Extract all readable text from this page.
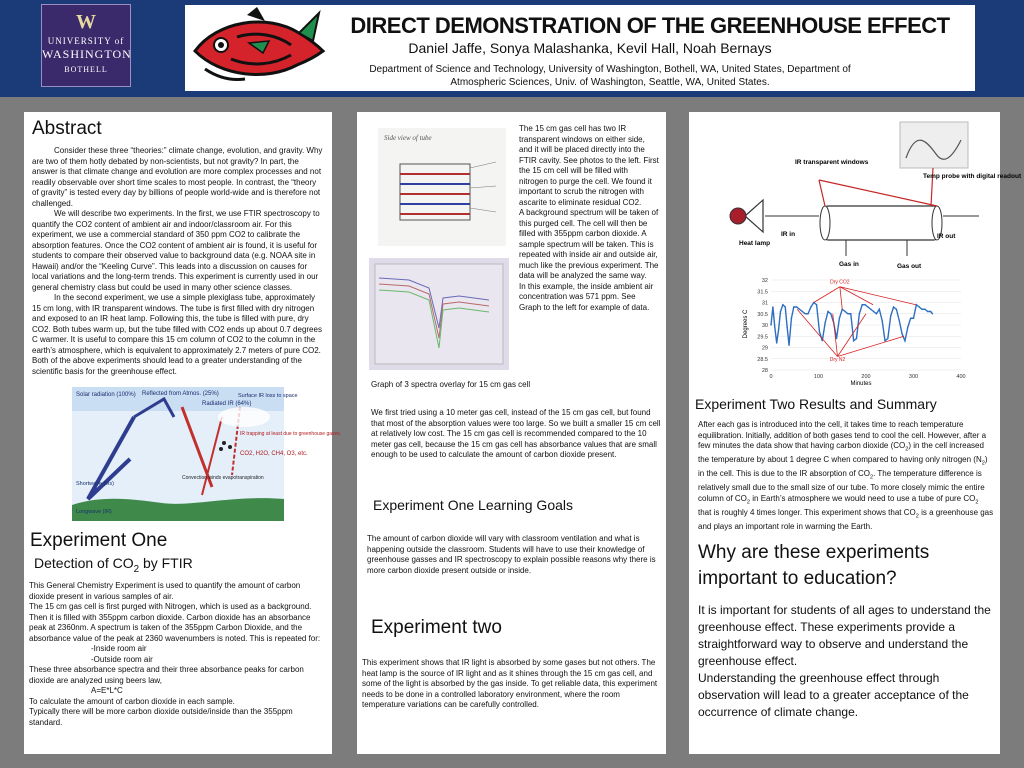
W
UNIVERSITY of
WASHINGTON
BOTHELL
DIRECT DEMONSTRATION OF THE GREENHOUSE EFFECT
Daniel Jaffe, Sonya Malashanka, Kevil Hall, Noah Bernays
Department of Science and Technology, University of Washington, Bothell, WA, United States, Department of Atmospheric Sciences, Univ. of Washington, Seattle, WA, United States.
Abstract

Consider these three “theories:” climate change, evolution, and gravity. Why are two of them hotly debated by non-scientists, but not gravity? In part, the answer is that climate change and evolution are more complex processes and not readily observable over short time scales to most people. In contrast, the “theory of gravity” is tested every day by billions of people world-wide and is therefore not challenged.

We will describe two experiments. In the first, we use FTIR spectroscopy to quantify the CO2 content of ambient air and indoor/classroom air. For this experiment, we use a commercial standard of 350 ppm CO2 to calibrate the absorption features. Once the CO2 content of ambient air is found, it is useful for students to compare their observed value to background data (e.g. NOAA site in Hawaii) and/or the “Keeling Curve”. This leads into a discussion on causes for local variations and the long-term trends. This experiment is currently used in our general chemistry class but could be used in many other science classes.

In the second experiment, we use a simple plexiglass tube, approximately 15 cm long, with IR transparent windows. The tube is first filled with dry nitrogen and exposed to an IR heat lamp. Following this, the tube is filled with pure, dry CO2. Both tubes warm up, but the tube filled with CO2 ends up about 0.7 degrees C warmer. It is useful to compare this 15 cm column of CO2 to the column in the earth’s atmosphere, which is equivalent to approximately 2.7 meters of pure CO2. Both of the above experiments should lead to a greater understanding of the scientific basis for the greenhouse effect.

Solar radiation (100%) Reflected from Atmos. (25%)
Radiated IR (64%)
Surface IR loss to space
IR trapping at least due to greenhouse gases.
CO2, H2O, CH4, O3, etc.
Convection winds evapotranspiration
Shortwave (vis)
Longwave (IR)
Experiment One
Detection of $CO_2$ by FTIR

This General Chemistry Experiment is used to quantify the amount of carbon dioxide present in various samples of air.

The 15 cm gas cell is first purged with Nitrogen, which is used as a background. Then it is filled with 355ppm carbon dioxide. Carbon dioxide has an absorbance peak at 2360nm. A spectrum is taken of the 355ppm Carbon Dioxide, and the absorbance value of the peak at 2360 wavenumbers is noted. This is repeated for:

-Inside room air

-Outside room air

These three absorbance spectra and their three absorbance peaks for carbon dioxide are analyzed using beers law,

A=E*L*C

To calculate the amount of carbon dioxide in each sample.

Typically there will be more carbon dioxide outside/inside than the 355ppm standard.

Side view of tube

The 15 cm gas cell has two IR transparent windows on either side, and it will be placed directly into the FTIR cavity. See photos to the left. First the 15 cm cell will be filled with nitrogen to purge the cell. We found it important to scrub the nitrogen with ascarite to eliminate residual CO2.
A background spectrum will be taken of this purged cell. The cell will then be filled with 355ppm carbon dioxide. A sample spectrum will be taken. This is repeated with inside air and outside air, much like the previous experiment. The data will be analyzed the same way.
In this example, the inside ambient air concentration was 571 ppm. See Graph to the left for example of data.

Graph of 3 spectra overlay for 15 cm gas cell
We first tried using a 10 meter gas cell, instead of the 15 cm gas cell, but found that most of the absorption values were too large. So we built a smaller 15 cm cell at relatively low cost. The 15 cm gas cell is recommended compared to the 10 meter gas cell, because the 15 cm gas cell has absorbance values that are small enough to be used to calculate the amount of carbon dioxide present.
Experiment One Learning Goals
The amount of carbon dioxide will vary with classroom ventilation and what is happening outside the classroom. Students will have to use their knowledge of greenhouse gasses and IR spectroscopy to explain possible reasons why there is more carbon dioxide present outside or inside.
Experiment two
This experiment shows that IR light is absorbed by some gases but not others. The heat lamp is the source of IR light and as it shines through the 15 cm gas cell, and some of the light is absorbed by the gas inside. To get reliable data, this experiment needs to be done in a controlled laboratory environment, where the room temperature variations can be carefully controlled.
IR transparent windows
Temp probe with digital readout
Heat lamp
IR in	IR out
Gas in	Gas out
28
28.5
29
29.5
30
30.5
31
31.5
32
0	100	200	300	400
Dry CO2
Dry N2
Minutes
Degrees C
Experiment Two Results and Summary
After each gas is introduced into the cell, it takes time to reach temperature equilibration. Initially, addition of both gases tend to cool the cell. However, after a few minutes the data show that having carbon dioxide $(CO_2)$ in the cell increased the temperature by about 1 degree C when compared to having only nitrogen $(N_2)$ in the cell. This is due to the IR absorption of $CO_2$. The temperature difference is relatively small due to the small size of our tube. To more closely mimic the entire column of $CO_2$ in Earth’s atmosphere we would need to use a tube of pure $CO_2$ that is roughly 4 times longer. This experiment shows that $CO_2$ is a greenhouse gas and plays an important role in warming the Earth.
Why are these experiments important to education?

It is important for students of all ages to understand the greenhouse effect. These experiments provide a straightforward way to observe and understand the greenhouse effect.

Understanding the greenhouse effect through observation will lead to a greater acceptance of the occurrence of climate change.
